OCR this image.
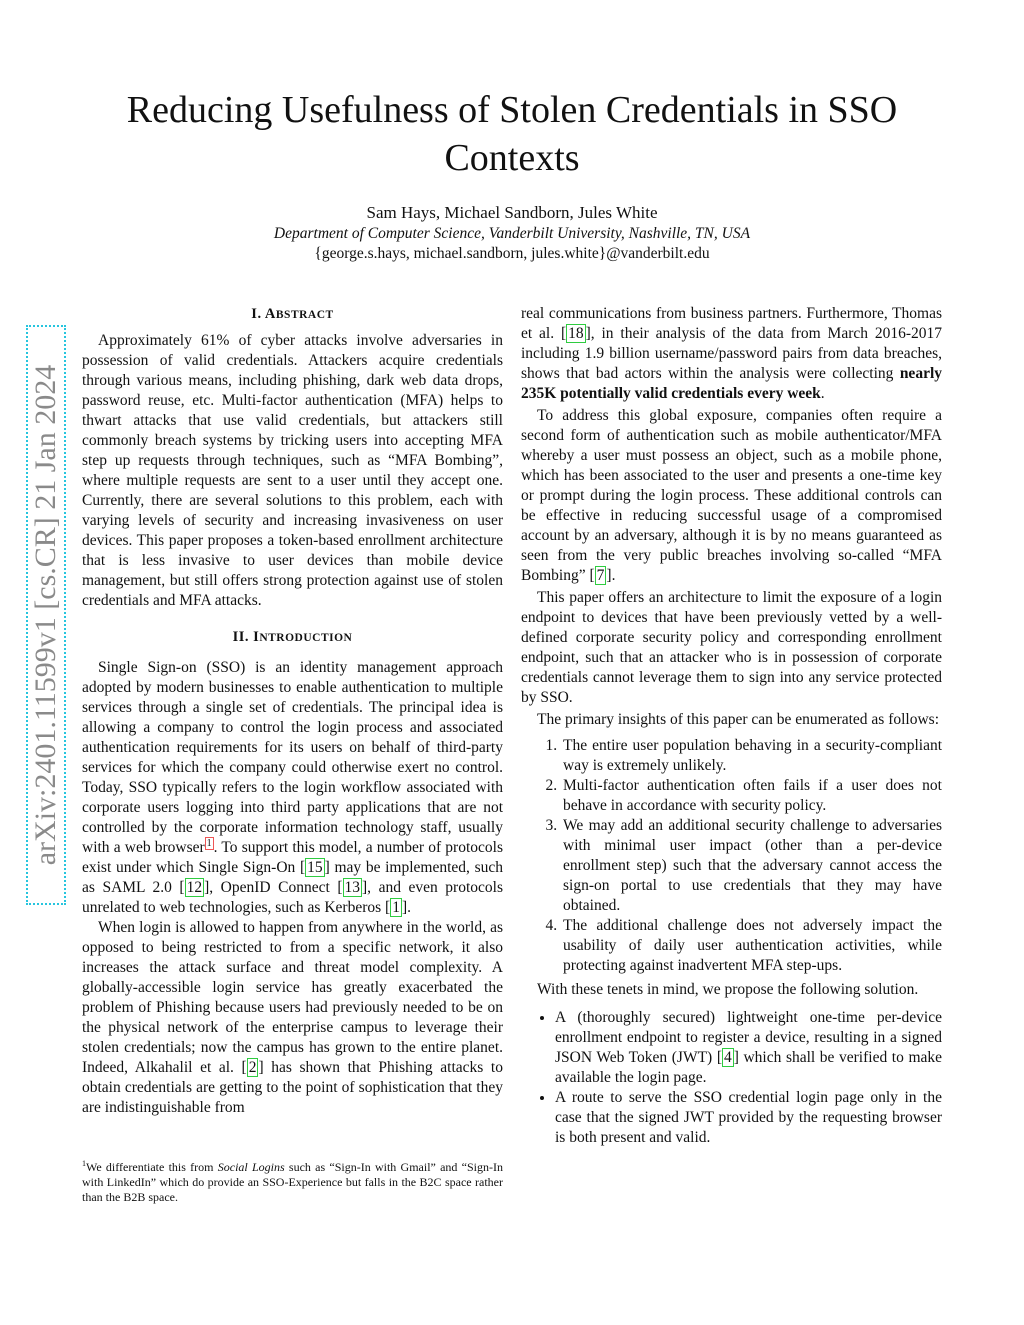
Reducing Usefulness of Stolen Credentials in SSO Contexts
Sam Hays, Michael Sandborn, Jules White
Department of Computer Science, Vanderbilt University, Nashville, TN, USA
{george.s.hays, michael.sandborn, jules.white}@vanderbilt.edu
arXiv:2401.11599v1 [cs.CR] 21 Jan 2024
I. ABSTRACT

Approximately 61% of cyber attacks involve adversaries in possession of valid credentials. Attackers acquire credentials through various means, including phishing, dark web data drops, password reuse, etc. Multi-factor authentication (MFA) helps to thwart attacks that use valid credentials, but attackers still commonly breach systems by tricking users into accepting MFA step up requests through techniques, such as “MFA Bombing”, where multiple requests are sent to a user until they accept one. Currently, there are several solutions to this problem, each with varying levels of security and increasing invasiveness on user devices. This paper proposes a token-based enrollment architecture that is less invasive to user devices than mobile device management, but still offers strong protection against use of stolen credentials and MFA attacks.

II. INTRODUCTION

Single Sign-on (SSO) is an identity management approach adopted by modern businesses to enable authentication to multiple services through a single set of credentials. The principal idea is allowing a company to control the login process and associated authentication requirements for its users on behalf of third-party services for which the company could otherwise exert no control. Today, SSO typically refers to the login workflow associated with corporate users logging into third party applications that are not controlled by the corporate information technology staff, usually with a web browser $^1$ . To support this model, a number of protocols exist under which Single Sign-On [ 15 ] may be implemented, such as SAML 2.0 [ 12 ], OpenID Connect [ 13 ], and even protocols unrelated to web technologies, such as Kerberos [ 1 ].

When login is allowed to happen from anywhere in the world, as opposed to being restricted to from a specific network, it also increases the attack surface and threat model complexity. A globally-accessible login service has greatly exacerbated the problem of Phishing because users had previously needed to be on the physical network of the enterprise campus to leverage their stolen credentials; now the campus has grown to the entire planet. Indeed, Alkahalil et al. [ 2 ] has shown that Phishing attacks to obtain credentials are getting to the point of sophistication that they are indistinguishable from

$^1$We differentiate this from Social Logins such as “Sign-In with Gmail” and “Sign-In with LinkedIn” which do provide an SSO-Experience but falls in the B2C space rather than the B2B space.

real communications from business partners. Furthermore, Thomas et al. [ 18 ], in their analysis of the data from March 2016-2017 including 1.9 billion username/password pairs from data breaches, shows that bad actors within the analysis were collecting nearly 235K potentially valid credentials every week.

To address this global exposure, companies often require a second form of authentication such as mobile authenticator/MFA whereby a user must possess an object, such as a mobile phone, which has been associated to the user and presents a one-time key or prompt during the login process. These additional controls can be effective in reducing successful usage of a compromised account by an adversary, although it is by no means guaranteed as seen from the very public breaches involving so-called “MFA Bombing” [ 7 ].

This paper offers an architecture to limit the exposure of a login endpoint to devices that have been previously vetted by a well-defined corporate security policy and corresponding enrollment endpoint, such that an attacker who is in possession of corporate credentials cannot leverage them to sign into any service protected by SSO.

The primary insights of this paper can be enumerated as follows:

1. The entire user population behaving in a security-compliant way is extremely unlikely.
2. Multi-factor authentication often fails if a user does not behave in accordance with security policy.
3. We may add an additional security challenge to adversaries with minimal user impact (other than a per-device enrollment step) such that the adversary cannot access the sign-on portal to use credentials that they may have obtained.
4. The additional challenge does not adversely impact the usability of daily user authentication activities, while protecting against inadvertent MFA step-ups.

With these tenets in mind, we propose the following solution.

• A (thoroughly secured) lightweight one-time per-device enrollment endpoint to register a device, resulting in a signed JSON Web Token (JWT) [ 4 ] which shall be verified to make available the login page.
• A route to serve the SSO credential login page only in the case that the signed JWT provided by the requesting browser is both present and valid.
